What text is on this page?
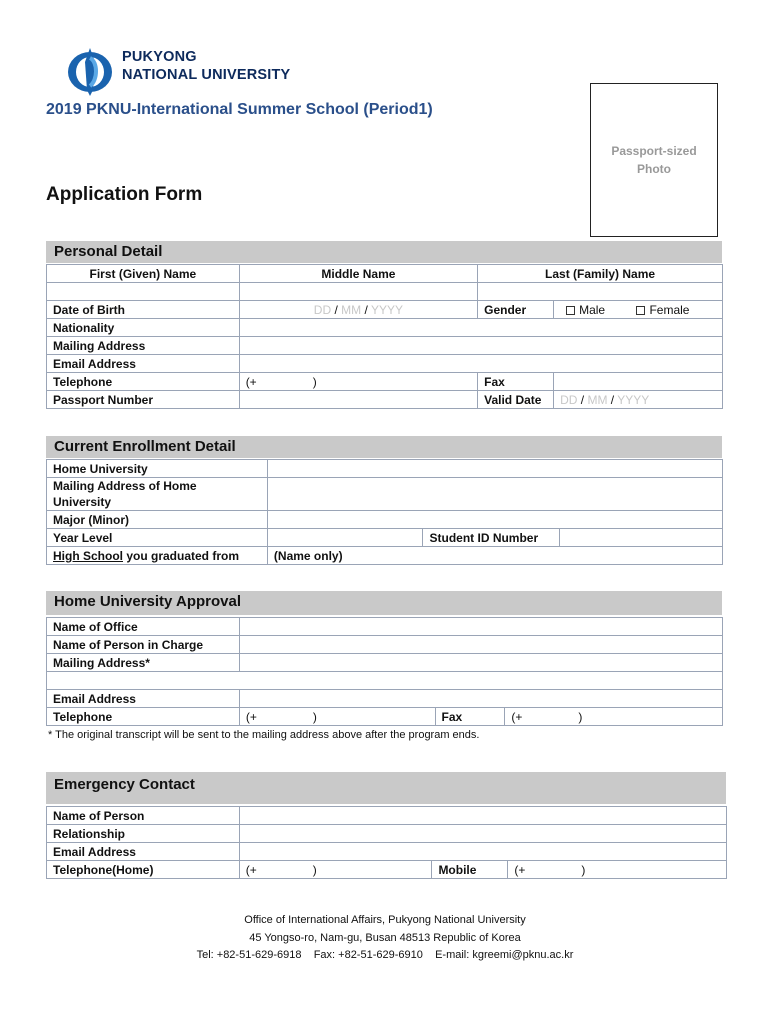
PUKYONG
NATIONAL UNIVERSITY
2019 PKNU-International Summer School (Period1)
Application Form
Passport-sized
Photo
Personal Detail
First (Given) Name	Middle Name	Last (Family) Name	

Date of Birth	DD / MM / YYYY	Gender	Male Female
Nationality			
Mailing Address			
Email Address			
Telephone	(+ )	Fax	
Passport Number		Valid Date	DD / MM / YYYY
Current Enrollment Detail
Home University			

Mailing Address of Home
University			

Major (Minor)			
Year Level		Student ID Number	
High School you graduated from	(Name only)		
Home University Approval
Name of Office			
Name of Person in Charge			
Mailing Address*			

Email Address			
Telephone	(+ )	Fax	(+ )
* The original transcript will be sent to the mailing address above after the program ends.
Emergency Contact
Name of Person			
Relationship			
Email Address			
Telephone(Home)	(+ )	Mobile	(+ )
Office of International Affairs, Pukyong National University
45 Yongso-ro, Nam-gu, Busan 48513 Republic of Korea
Tel: +82-51-629-6918    Fax: +82-51-629-6910    E-mail: kgreemi@pknu.ac.kr
